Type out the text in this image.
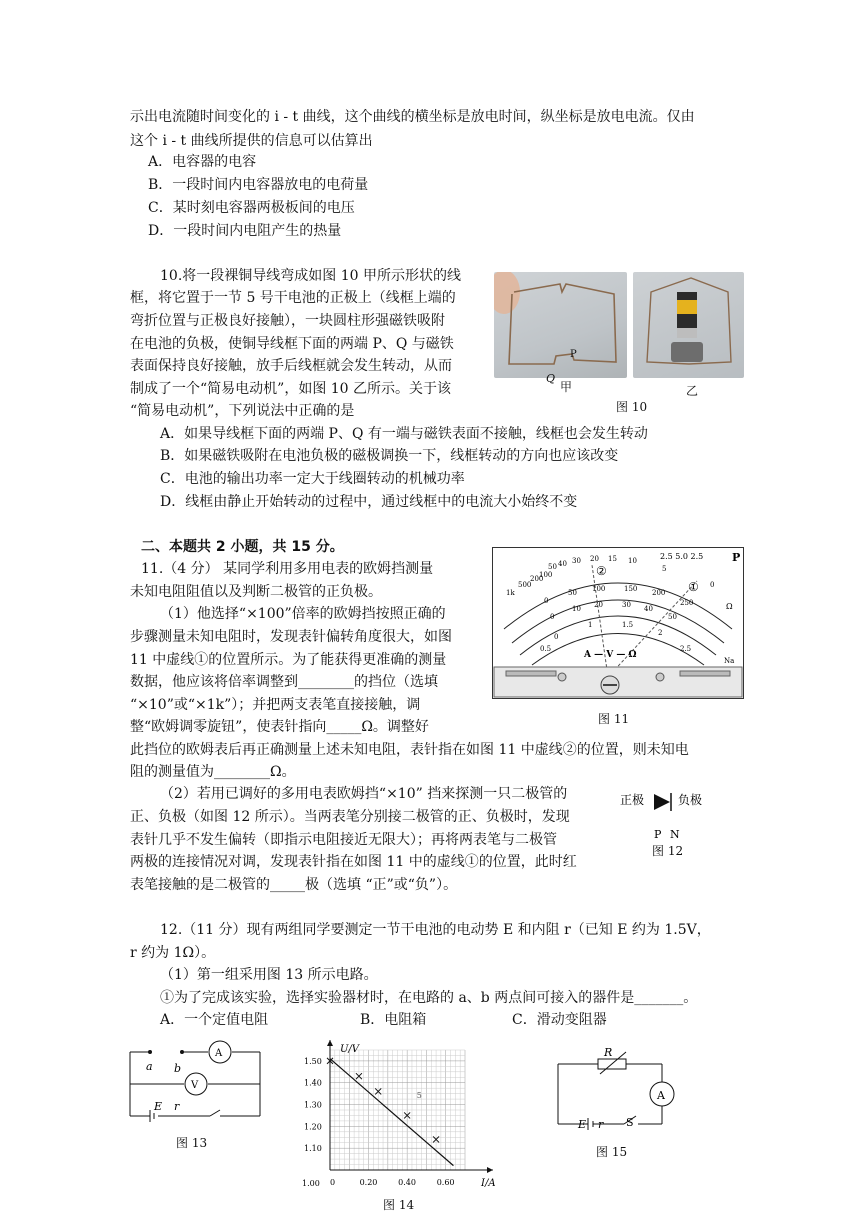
示出电流随时间变化的 i - t 曲线，这个曲线的横坐标是放电时间，纵坐标是放电电流。仅由
这个 i - t 曲线所提供的信息可以估算出
A．电容器的电容
B．一段时间内电容器放电的电荷量
C．某时刻电容器两极板间的电压
D．一段时间内电阻产生的热量
10.将一段裸铜导线弯成如图 10 甲所示形状的线
框，将它置于一节 5 号干电池的正极上（线框上端的
弯折位置与正极良好接触），一块圆柱形强磁铁吸附
在电池的负极，使铜导线框下面的两端 P、Q 与磁铁
表面保持良好接触，放手后线框就会发生转动，从而
制成了一个“简易电动机”，如图 10 乙所示。关于该
“简易电动机”，下列说法中正确的是
P
Q
甲	乙
图 10
A．如果导线框下面的两端 P、Q 有一端与磁铁表面不接触，线框也会发生转动
B．如果磁铁吸附在电池负极的磁极调换一下，线框转动的方向也应该改变
C．电池的输出功率一定大于线圈转动的机械功率
D．线框由静止开始转动的过程中，通过线框中的电流大小始终不变
二、本题共 2 小题，共 15 分。
11.（4 分） 某同学利用多用电表的欧姆挡测量
未知电阻阻值以及判断二极管的正负极。
（1）他选择“×100”倍率的欧姆挡按照正确的
步骤测量未知电阻时，发现表针偏转角度很大，如图
11 中虚线①的位置所示。为了能获得更准确的测量
数据，他应该将倍率调整到________的挡位（选填
“×10”或“×1k”）；并把两支表笔直接接触，调
整“欧姆调零旋钮”，使表针指向_____Ω。调整好
此挡位的欧姆表后再正确测量上述未知电阻，表针指在如图 11 中虚线②的位置，则未知电
阻的测量值为________Ω。
②
①
1k
500
200
100
50 40 30 20 15 10
5
0
2.5 5.0 2.5	P
Ω
0
50 100	150 200
250
0
10 20	30 40
50
0
0.5
1	1.5
2
2.5
A — V — Ω
Na
图 11
（2）若用已调好的多用电表欧姆挡“×10” 挡来探测一只二极管的
正、负极（如图 12 所示）。当两表笔分别接二极管的正、负极时，发现
表针几乎不发生偏转（即指示电阻接近无限大）；再将两表笔与二极管
两极的连接情况对调，发现表针指在如图 11 中的虚线①的位置，此时红
表笔接触的是二极管的_____极（选填 “正”或“负”）。
正极	负极
P N
图 12
12.（11 分）现有两组同学要测定一节干电池的电动势 E 和内阻 r（已知 E 约为 1.5V，
r 约为 1Ω）。
（1）第一组采用图 13 所示电路。
①为了完成该实验，选择实验器材时，在电路的 a、b 两点间可接入的器件是_______。
A．一个定值电阻	B．电阻箱	C．滑动变阻器
a b
A
V
E r
图 13
1.00
1.10
1.20
1.30
1.40
1.50
0	0.20	0.40	0.60	I/A
U/V
5
图 14
R
A
E r S
图 15
